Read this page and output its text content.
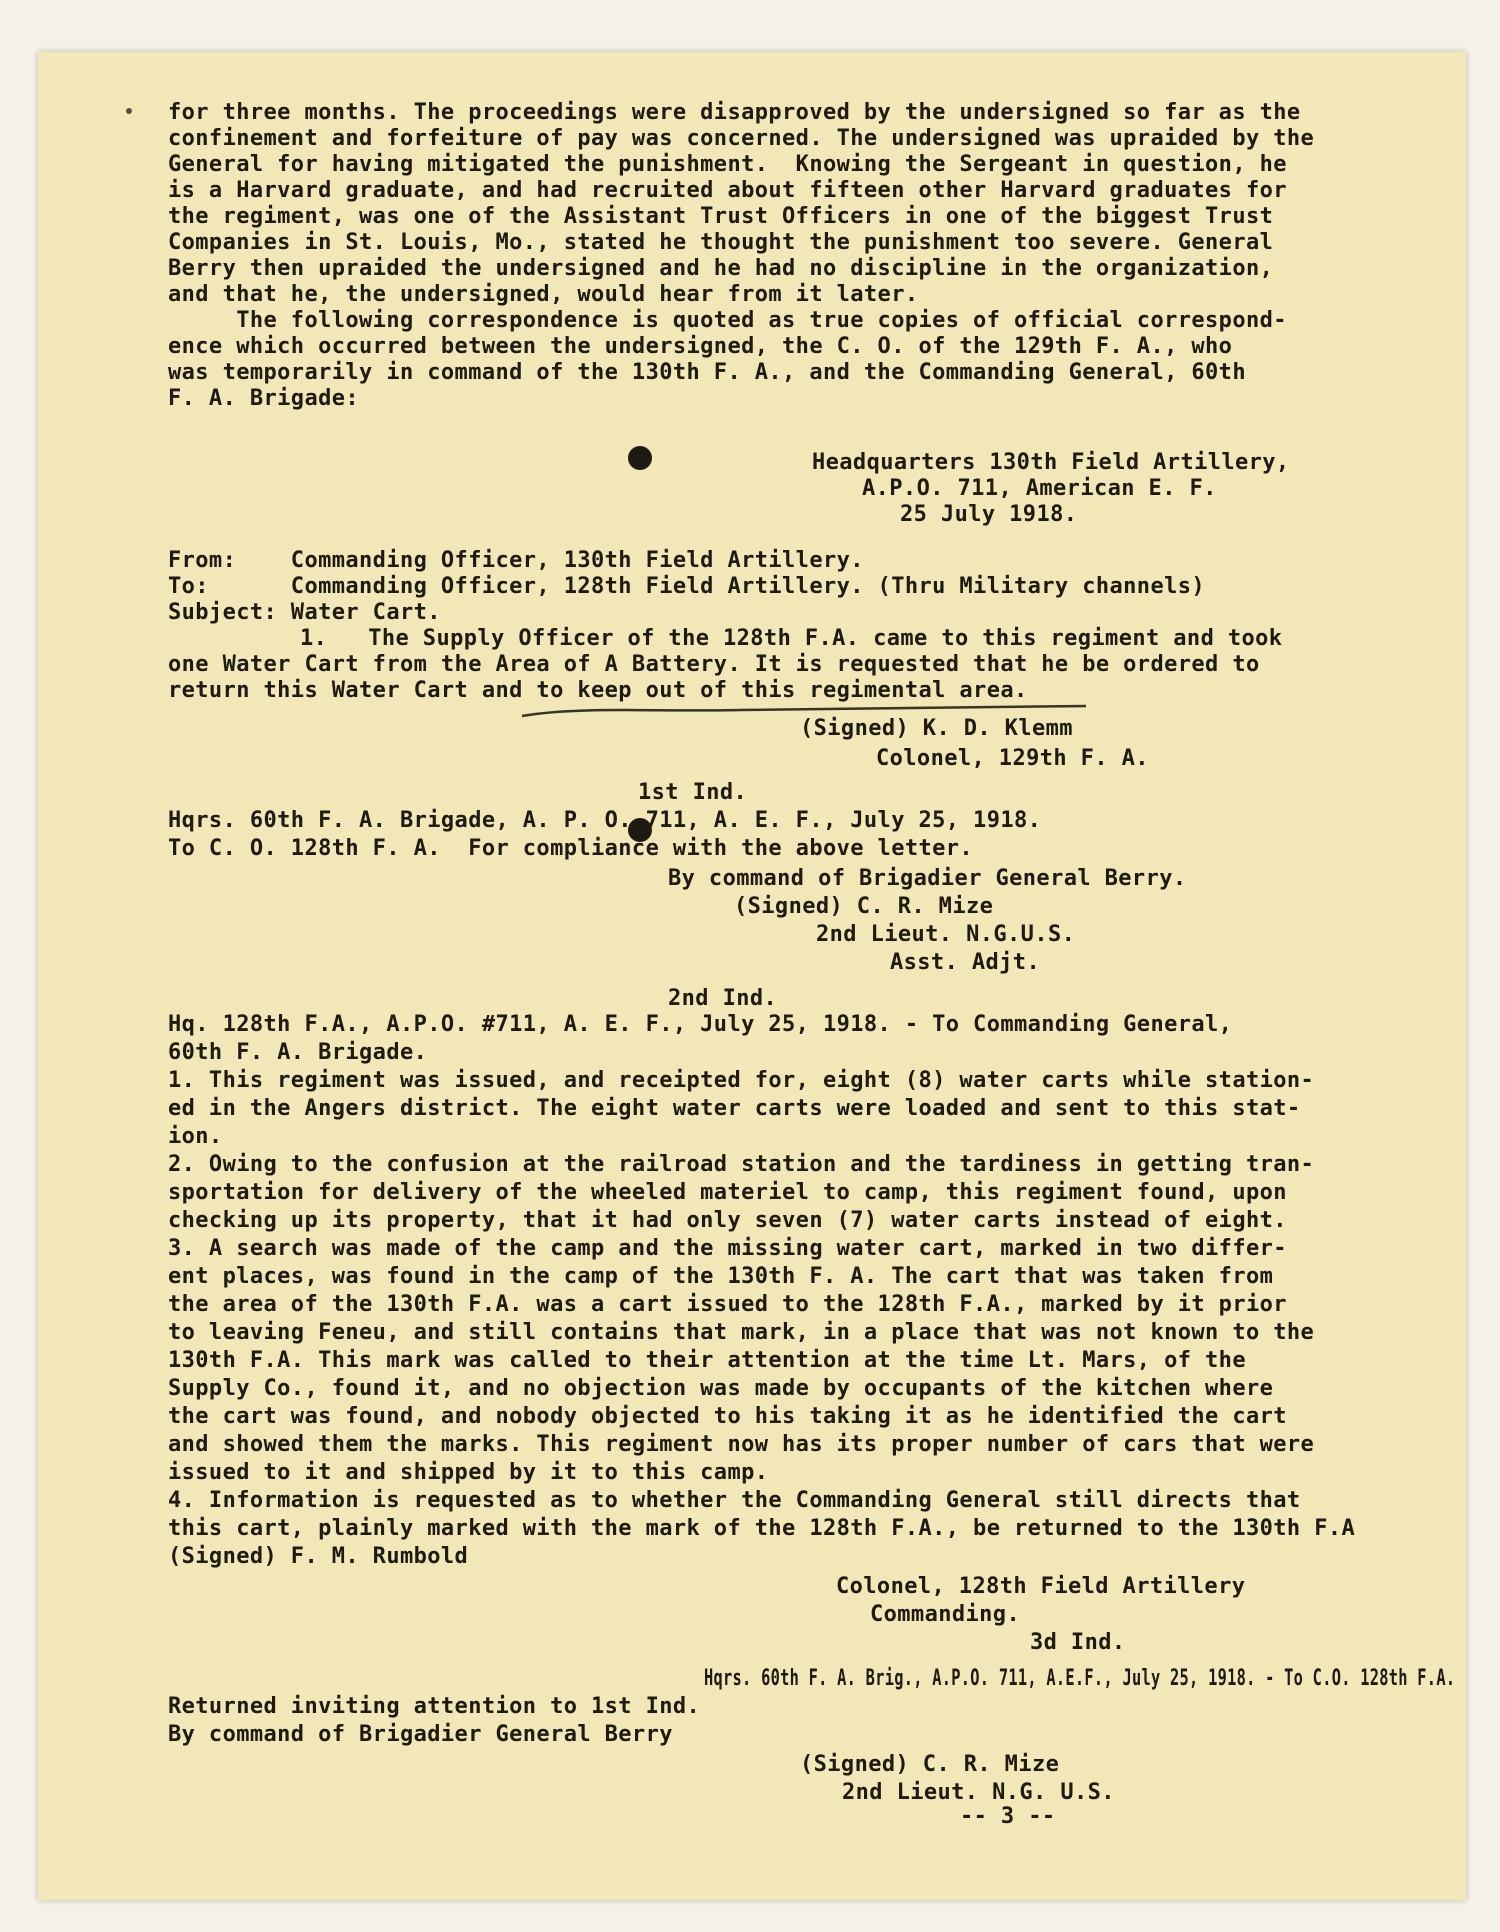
for three months. The proceedings were disapproved by the undersigned so far as the
confinement and forfeiture of pay was concerned. The undersigned was upraided by the
General for having mitigated the punishment.  Knowing the Sergeant in question, he
is a Harvard graduate, and had recruited about fifteen other Harvard graduates for
the regiment, was one of the Assistant Trust Officers in one of the biggest Trust
Companies in St. Louis, Mo., stated he thought the punishment too severe. General
Berry then upraided the undersigned and he had no discipline in the organization,
and that he, the undersigned, would hear from it later.
The following correspondence is quoted as true copies of official correspond-
ence which occurred between the undersigned, the C. O. of the 129th F. A., who
was temporarily in command of the 130th F. A., and the Commanding General, 60th
F. A. Brigade:
Headquarters 130th Field Artillery,
A.P.O. 711, American E. F.
25 July 1918.
From:    Commanding Officer, 130th Field Artillery.
To:      Commanding Officer, 128th Field Artillery. (Thru Military channels)
Subject: Water Cart.
1.   The Supply Officer of the 128th F.A. came to this regiment and took
one Water Cart from the Area of A Battery. It is requested that he be ordered to
return this Water Cart and to keep out of this regimental area.
(Signed) K. D. Klemm
Colonel, 129th F. A.
1st Ind.
Hqrs. 60th F. A. Brigade, A. P. O. 711, A. E. F., July 25, 1918.
To C. O. 128th F. A.  For compliance with the above letter.
By command of Brigadier General Berry.
(Signed) C. R. Mize
2nd Lieut. N.G.U.S.
Asst. Adjt.
2nd Ind.
Hq. 128th F.A., A.P.O. #711, A. E. F., July 25, 1918. - To Commanding General,
60th F. A. Brigade.
1. This regiment was issued, and receipted for, eight (8) water carts while station-
ed in the Angers district. The eight water carts were loaded and sent to this stat-
ion.
2. Owing to the confusion at the railroad station and the tardiness in getting tran-
sportation for delivery of the wheeled materiel to camp, this regiment found, upon
checking up its property, that it had only seven (7) water carts instead of eight.
3. A search was made of the camp and the missing water cart, marked in two differ-
ent places, was found in the camp of the 130th F. A. The cart that was taken from
the area of the 130th F.A. was a cart issued to the 128th F.A., marked by it prior
to leaving Feneu, and still contains that mark, in a place that was not known to the
130th F.A. This mark was called to their attention at the time Lt. Mars, of the
Supply Co., found it, and no objection was made by occupants of the kitchen where
the cart was found, and nobody objected to his taking it as he identified the cart
and showed them the marks. This regiment now has its proper number of cars that were
issued to it and shipped by it to this camp.
4. Information is requested as to whether the Commanding General still directs that
this cart, plainly marked with the mark of the 128th F.A., be returned to the 130th F.A
(Signed) F. M. Rumbold
Colonel, 128th Field Artillery
Commanding.
3d Ind.
Hqrs. 60th F. A. Brig., A.P.O. 711, A.E.F., July 25, 1918. - To C.O. 128th F.A.
Returned inviting attention to 1st Ind.
By command of Brigadier General Berry
(Signed) C. R. Mize
2nd Lieut. N.G. U.S.
-- 3 --
